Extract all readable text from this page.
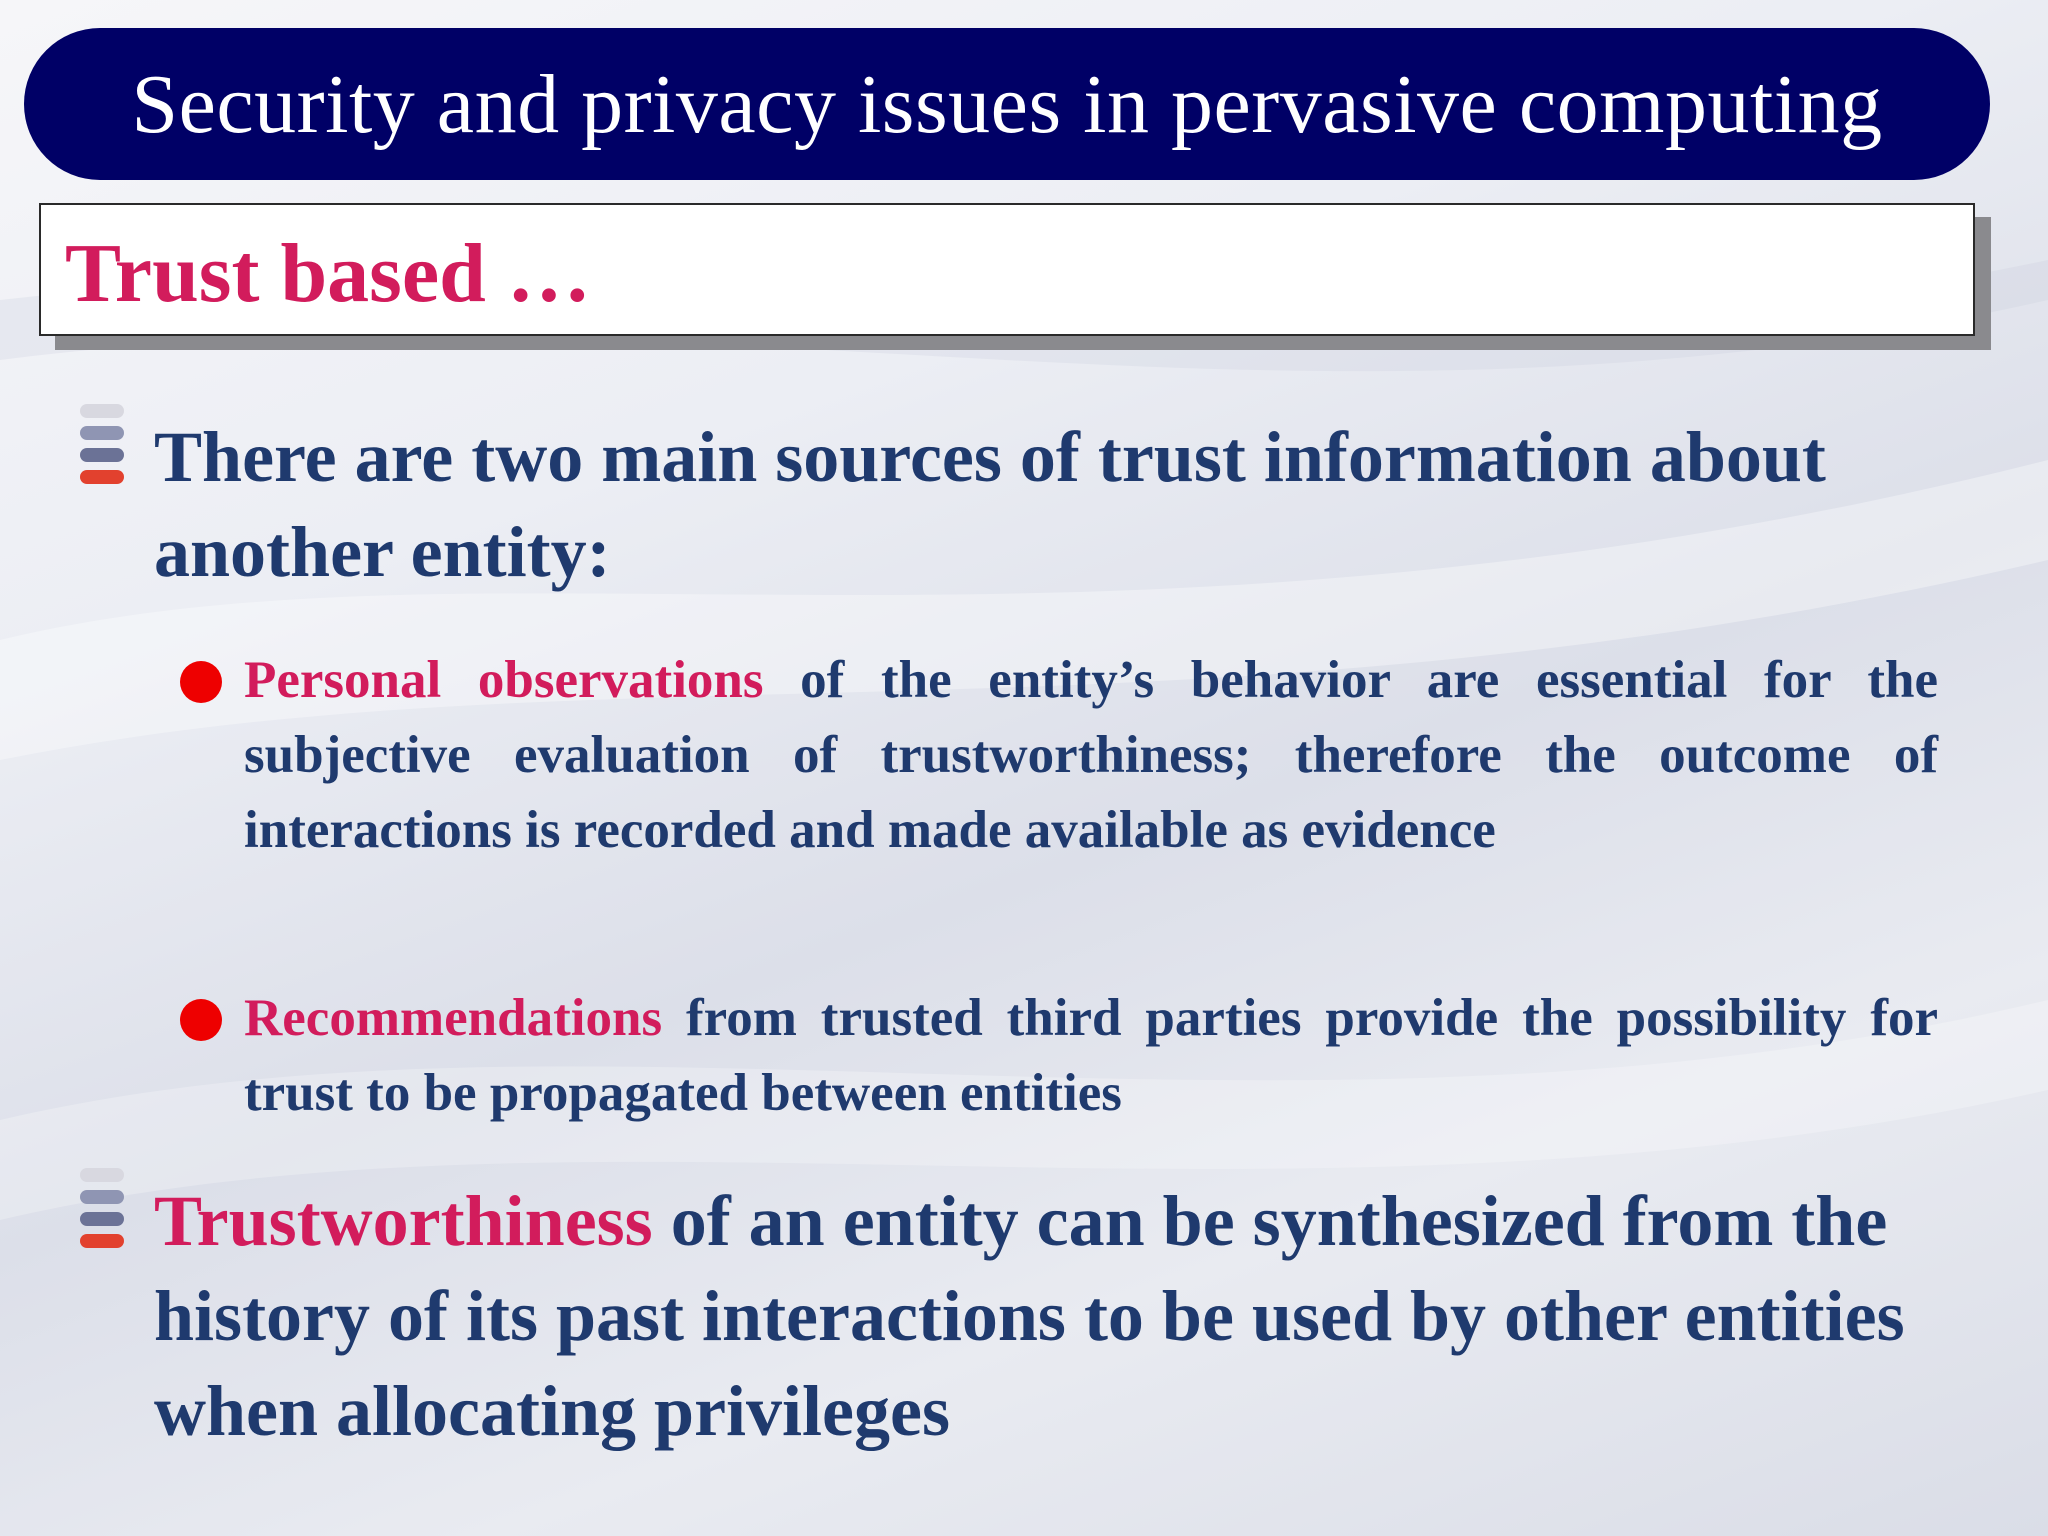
Security and privacy issues in pervasive computing
Trust based …
There are two main sources of trust information about another entity:
Personal observations of the entity’s behavior are essential for the subjective evaluation of trustworthiness; therefore the outcome of interactions is recorded and made available as evidence
Recommendations from trusted third parties provide the possibility for trust to be propagated between entities
Trustworthiness of an entity can be synthesized from the history of its past interactions to be used by other entities when allocating privileges
